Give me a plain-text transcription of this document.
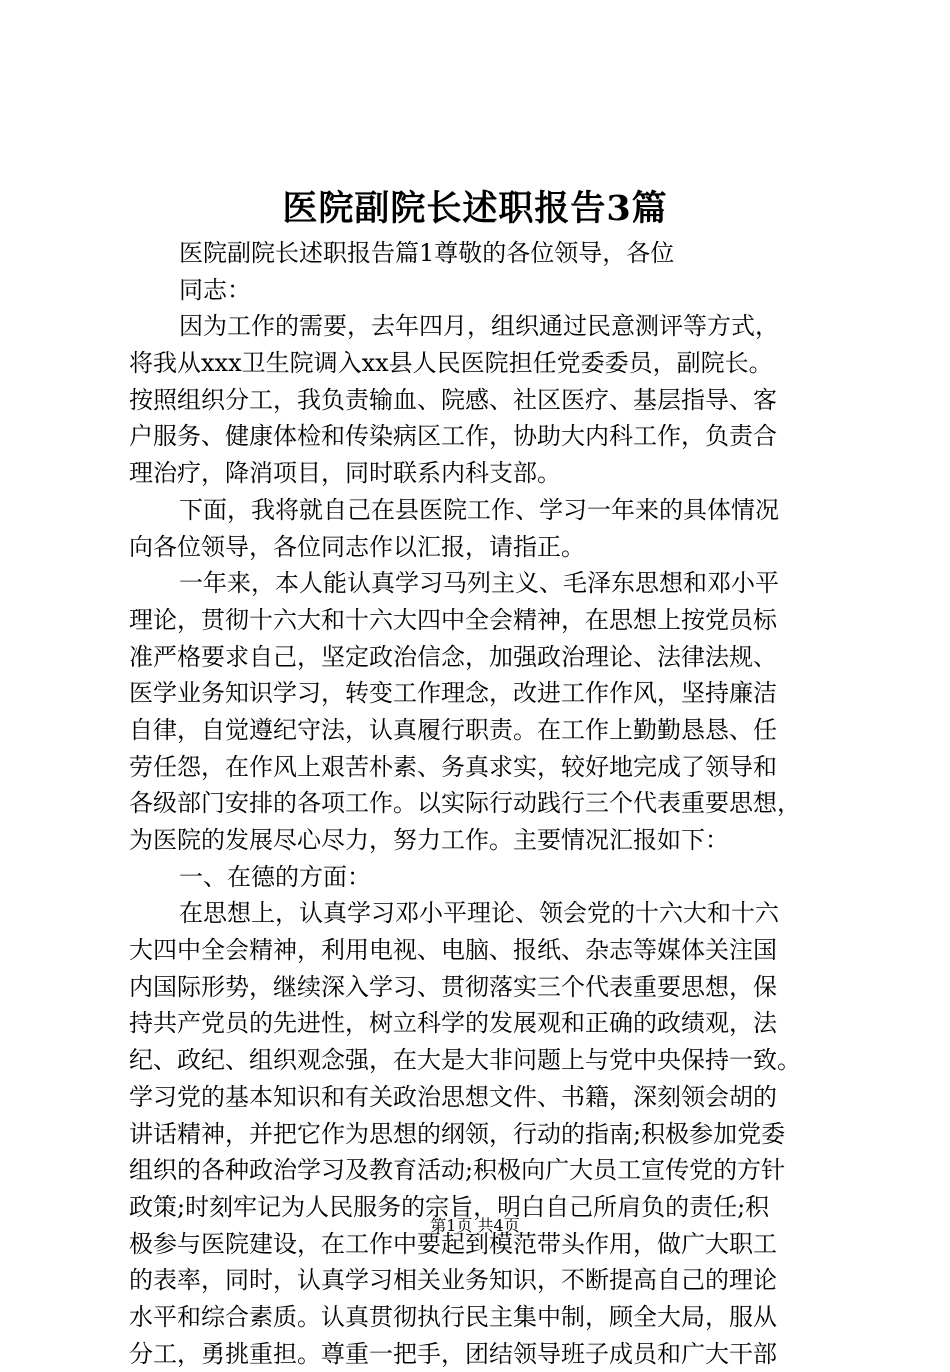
医院副院长述职报告3篇
医院副院长述职报告篇1尊敬的各位领导，各位
同志：
因为工作的需要，去年四月，组织通过民意测评等方式，
将我从xxx卫生院调入xx县人民医院担任党委委员，副院长。
按照组织分工，我负责输血、院感、社区医疗、基层指导、客
户服务、健康体检和传染病区工作，协助大内科工作，负责合
理治疗，降消项目，同时联系内科支部。
下面，我将就自己在县医院工作、学习一年来的具体情况
向各位领导，各位同志作以汇报，请指正。
一年来，本人能认真学习马列主义、毛泽东思想和邓小平
理论，贯彻十六大和十六大四中全会精神，在思想上按党员标
准严格要求自己，坚定政治信念，加强政治理论、法律法规、
医学业务知识学习，转变工作理念，改进工作作风，坚持廉洁
自律，自觉遵纪守法，认真履行职责。在工作上勤勤恳恳、任
劳任怨，在作风上艰苦朴素、务真求实，较好地完成了领导和
各级部门安排的各项工作。以实际行动践行三个代表重要思想，
为医院的发展尽心尽力，努力工作。主要情况汇报如下：
一、在德的方面：
在思想上，认真学习邓小平理论、领会党的十六大和十六
大四中全会精神，利用电视、电脑、报纸、杂志等媒体关注国
内国际形势，继续深入学习、贯彻落实三个代表重要思想，保
持共产党员的先进性，树立科学的发展观和正确的政绩观，法
纪、政纪、组织观念强，在大是大非问题上与党中央保持一致。
学习党的基本知识和有关政治思想文件、书籍，深刻领会胡的
讲话精神，并把它作为思想的纲领，行动的指南;积极参加党委
组织的各种政治学习及教育活动;积极向广大员工宣传党的方针
政策;时刻牢记为人民服务的宗旨，明白自己所肩负的责任;积
极参与医院建设，在工作中要起到模范带头作用，做广大职工
的表率，同时，认真学习相关业务知识，不断提高自己的理论
水平和综合素质。认真贯彻执行民主集中制，顾全大局，服从
分工，勇挑重担。尊重一把手，团结领导班子成员和广大干部
第1页 共4页
